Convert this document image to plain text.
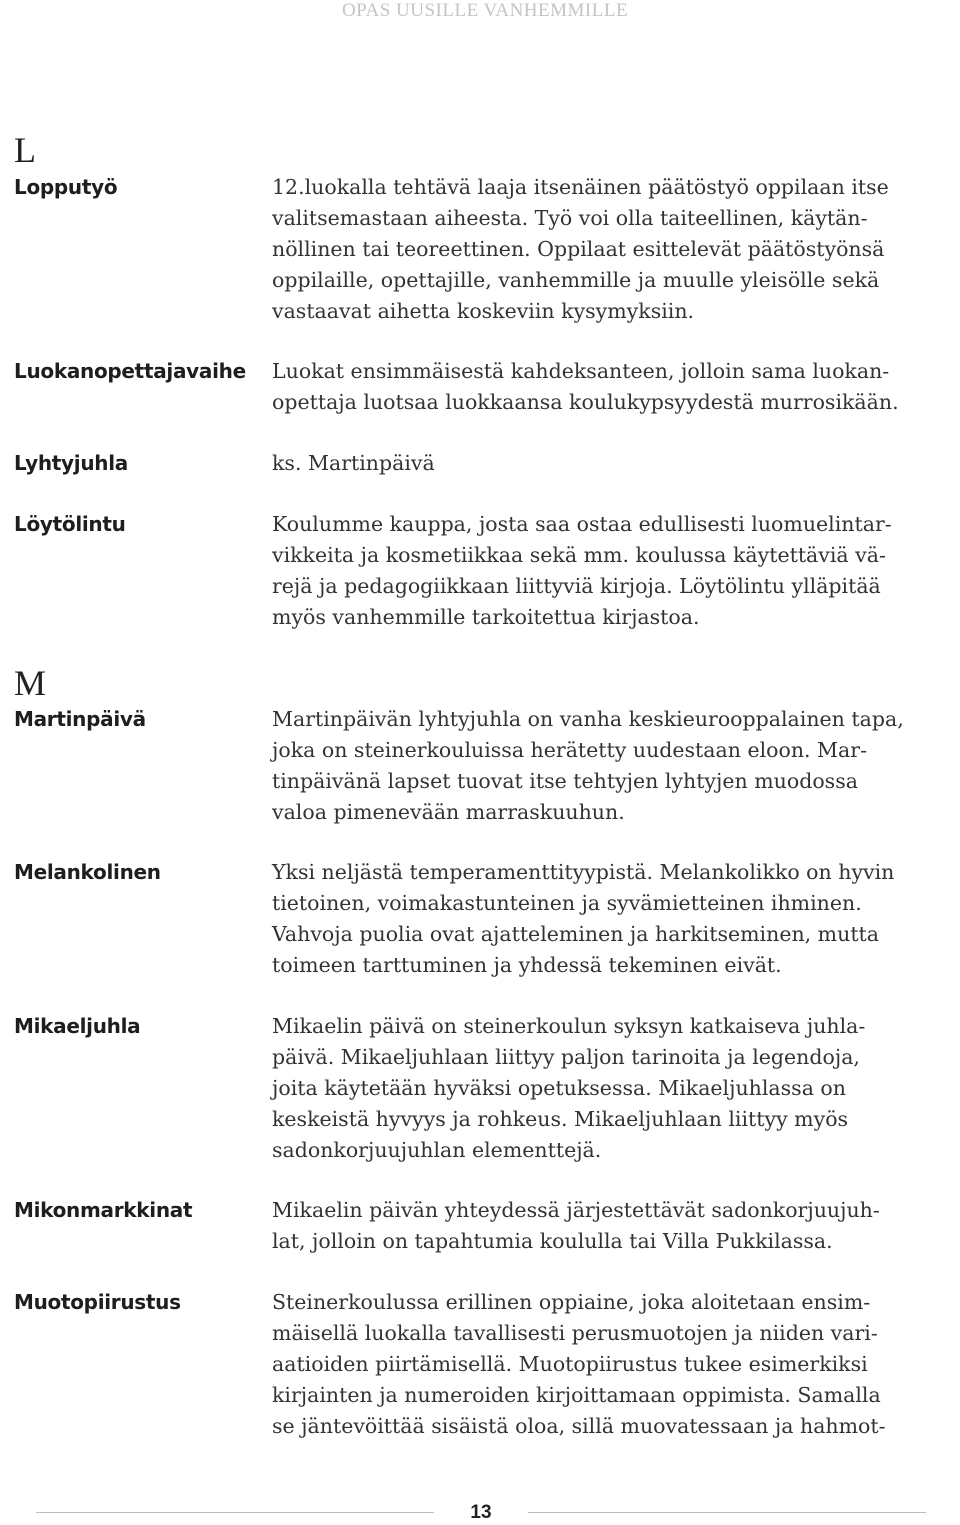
OPAS UUSILLE VANHEMMILLE
L
Lopputyö	12.luokalla tehtävä laaja itsenäinen päätöstyö oppilaan itse
valitsemastaan aiheesta. Työ voi olla taiteellinen, käytän-
nöllinen tai teoreettinen. Oppilaat esittelevät päätöstyönsä
oppilaille, opettajille, vanhemmille ja muulle yleisölle sekä
vastaavat aihetta koskeviin kysymyksiin.
Luokanopettajavaihe	Luokat ensimmäisestä kahdeksanteen, jolloin sama luokan-
opettaja luotsaa luokkaansa koulukypsyydestä murrosikään.
Lyhtyjuhla	ks. Martinpäivä
Löytölintu	Koulumme kauppa, josta saa ostaa edullisesti luomuelintar-
vikkeita ja kosmetiikkaa sekä mm. koulussa käytettäviä vä-
rejä ja pedagogiikkaan liittyviä kirjoja. Löytölintu ylläpitää
myös vanhemmille tarkoitettua kirjastoa.
M
Martinpäivä	Martinpäivän lyhtyjuhla on vanha keskieurooppalainen tapa,
joka on steinerkouluissa herätetty uudestaan eloon. Mar-
tinpäivänä lapset tuovat itse tehtyjen lyhtyjen muodossa
valoa pimenevään marraskuuhun.
Melankolinen	Yksi neljästä temperamenttityypistä. Melankolikko on hyvin
tietoinen, voimakastunteinen ja syvämietteinen ihminen.
Vahvoja puolia ovat ajatteleminen ja harkitseminen, mutta
toimeen tarttuminen ja yhdessä tekeminen eivät.
Mikaeljuhla	Mikaelin päivä on steinerkoulun syksyn katkaiseva juhla-
päivä. Mikaeljuhlaan liittyy paljon tarinoita ja legendoja,
joita käytetään hyväksi opetuksessa. Mikaeljuhlassa on
keskeistä hyvyys ja rohkeus. Mikaeljuhlaan liittyy myös
sadonkorjuujuhlan elementtejä.
Mikonmarkkinat	Mikaelin päivän yhteydessä järjestettävät sadonkorjuujuh-
lat, jolloin on tapahtumia koululla tai Villa Pukkilassa.
Muotopiirustus	Steinerkoulussa erillinen oppiaine, joka aloitetaan ensim-
mäisellä luokalla tavallisesti perusmuotojen ja niiden vari-
aatioiden piirtämisellä. Muotopiirustus tukee esimerkiksi
kirjainten ja numeroiden kirjoittamaan oppimista. Samalla
se jäntevöittää sisäistä oloa, sillä muovatessaan ja hahmot-
13
